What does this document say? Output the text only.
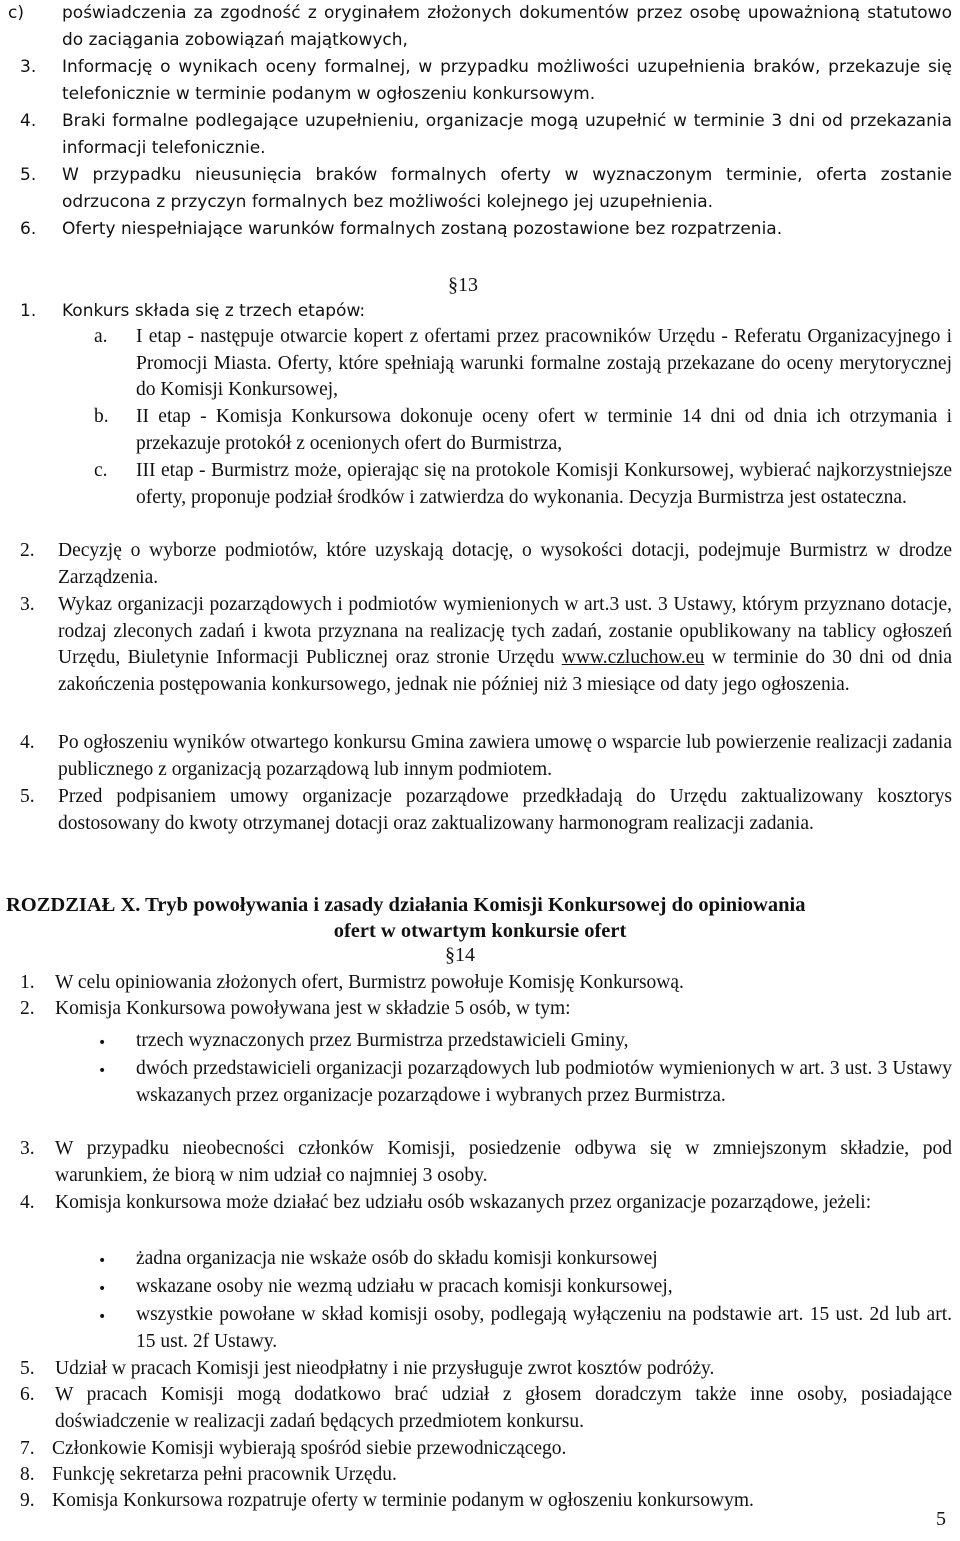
c) poświadczenia za zgodność z oryginałem złożonych dokumentów przez osobę upoważnioną statutowo do zaciągania zobowiązań majątkowych,
3. Informację o wynikach oceny formalnej, w przypadku możliwości uzupełnienia braków, przekazuje się telefonicznie w terminie podanym w ogłoszeniu konkursowym.
4. Braki formalne podlegające uzupełnieniu, organizacje mogą uzupełnić w terminie 3 dni od przekazania informacji telefonicznie.
5. W przypadku nieusunięcia braków formalnych oferty w wyznaczonym terminie, oferta zostanie odrzucona z przyczyn formalnych bez możliwości kolejnego jej uzupełnienia.
6. Oferty niespełniające warunków formalnych zostaną pozostawione bez rozpatrzenia.
§13
1. Konkurs składa się z trzech etapów:
a. I etap - następuje otwarcie kopert z ofertami przez pracowników Urzędu - Referatu Organizacyjnego i Promocji Miasta. Oferty, które spełniają warunki formalne zostają przekazane do oceny merytorycznej do Komisji Konkursowej,
b. II etap - Komisja Konkursowa dokonuje oceny ofert w terminie 14 dni od dnia ich otrzymania i przekazuje protokół z ocenionych ofert do Burmistrza,
c. III etap - Burmistrz może, opierając się na protokole Komisji Konkursowej, wybierać najkorzystniejsze oferty, proponuje podział środków i zatwierdza do wykonania. Decyzja Burmistrza jest ostateczna.
2. Decyzję o wyborze podmiotów, które uzyskają dotację, o wysokości dotacji, podejmuje Burmistrz w drodze Zarządzenia.
3. Wykaz organizacji pozarządowych i podmiotów wymienionych w art.3 ust. 3 Ustawy, którym przyznano dotacje, rodzaj zleconych zadań i kwota przyznana na realizację tych zadań, zostanie opublikowany na tablicy ogłoszeń Urzędu, Biuletynie Informacji Publicznej oraz stronie Urzędu www.czluchow.eu w terminie do 30 dni od dnia zakończenia postępowania konkursowego, jednak nie później niż 3 miesiące od daty jego ogłoszenia.
4. Po ogłoszeniu wyników otwartego konkursu Gmina zawiera umowę o wsparcie lub powierzenie realizacji zadania publicznego z organizacją pozarządową lub innym podmiotem.
5. Przed podpisaniem umowy organizacje pozarządowe przedkładają do Urzędu zaktualizowany kosztorys dostosowany do kwoty otrzymanej dotacji oraz zaktualizowany harmonogram realizacji zadania.
ROZDZIAŁ X. Tryb powoływania i zasady działania Komisji Konkursowej do opiniowania
ofert w otwartym konkursie ofert
§14
1. W celu opiniowania złożonych ofert, Burmistrz powołuje Komisję Konkursową.
2. Komisja Konkursowa powoływana jest w składzie 5 osób, w tym:
• trzech wyznaczonych przez Burmistrza przedstawicieli Gminy,
• dwóch przedstawicieli organizacji pozarządowych lub podmiotów wymienionych w art. 3 ust. 3 Ustawy wskazanych przez organizacje pozarządowe i wybranych przez Burmistrza.
3. W przypadku nieobecności członków Komisji, posiedzenie odbywa się w zmniejszonym składzie, pod warunkiem, że biorą w nim udział co najmniej 3 osoby.
4. Komisja konkursowa może działać bez udziału osób wskazanych przez organizacje pozarządowe, jeżeli:
• żadna organizacja nie wskaże osób do składu komisji konkursowej
• wskazane osoby nie wezmą udziału w pracach komisji konkursowej,
• wszystkie powołane w skład komisji osoby, podlegają wyłączeniu na podstawie art. 15 ust. 2d lub art. 15 ust. 2f Ustawy.
5. Udział w pracach Komisji jest nieodpłatny i nie przysługuje zwrot kosztów podróży.
6. W pracach Komisji mogą dodatkowo brać udział z głosem doradczym także inne osoby, posiadające doświadczenie w realizacji zadań będących przedmiotem konkursu.
7. Członkowie Komisji wybierają spośród siebie przewodniczącego.
8. Funkcję sekretarza pełni pracownik Urzędu.
9. Komisja Konkursowa rozpatruje oferty w terminie podanym w ogłoszeniu konkursowym.
5
